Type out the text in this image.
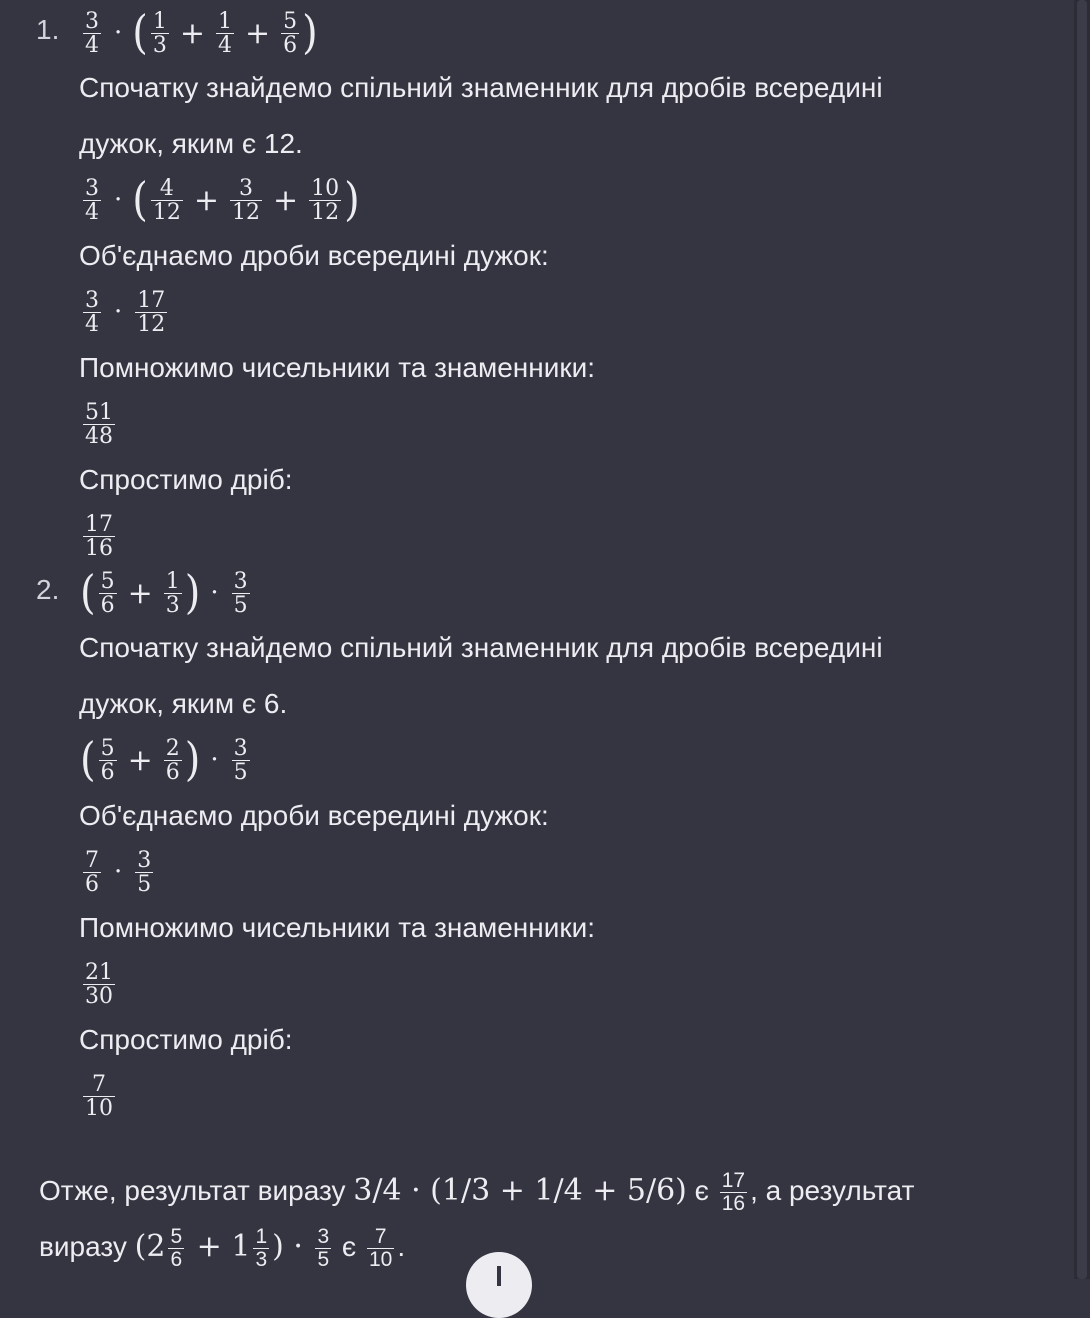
1. $\frac{3}{4}$ · ( $\frac{1}{3} + \frac{1}{4} + \frac{5}{6}$ )
Спочатку знайдемо спільний знаменник для дробів всередині
дужок, яким є 12.
$\frac{3}{4}$ · ( $\frac{4}{12} + \frac{3}{12} + \frac{10}{12}$ )
Об'єднаємо дроби всередині дужок:
$\frac{3}{4} \cdot \frac{17}{12}$
Помножимо чисельники та знаменники:
$\frac{51}{48}$
Спростимо дріб:
$\frac{17}{16}$
2. ( $\frac{5}{6} + \frac{1}{3}$ ) · $\frac{3}{5}$
Спочатку знайдемо спільний знаменник для дробів всередині
дужок, яким є 6.
( $\frac{5}{6} + \frac{2}{6}$ ) · $\frac{3}{5}$
Об'єднаємо дроби всередині дужок:
$\frac{7}{6} \cdot \frac{3}{5}$
Помножимо чисельники та знаменники:
$\frac{21}{30}$
Спростимо дріб:
$\frac{7}{10}$
Отже, результат виразу 3/4 · (1/3 + 1/4 + 5/6) є $\frac{17}{16}$ , а результат
виразу ($2 \frac{5}{6} + 1 \frac{1}{3}$ ) · $\frac{3}{5}$ є $\frac{7}{10}$ .
